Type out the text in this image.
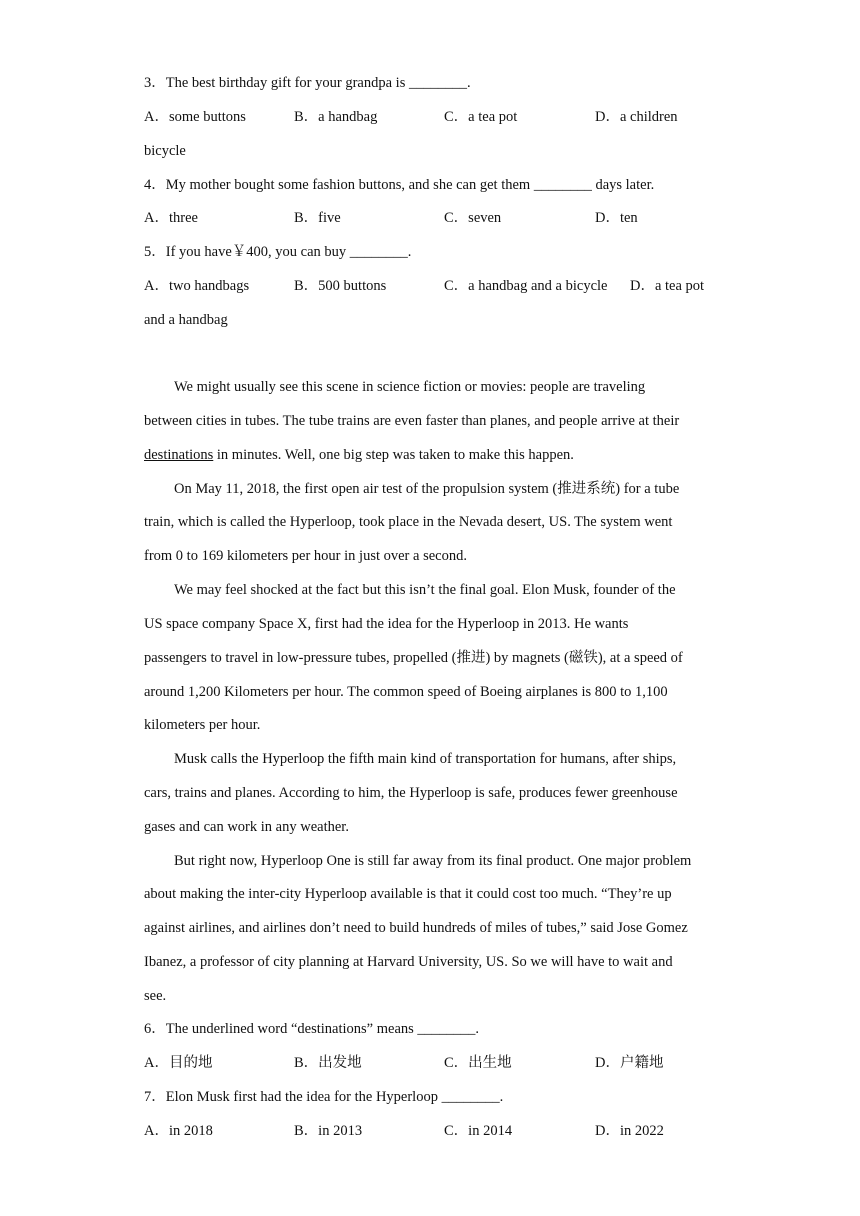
3．The best birthday gift for your grandpa is ________.
A．some buttons	B．a handbag	C．a tea pot	D．a children
bicycle
4．My mother bought some fashion buttons, and she can get them ________ days later.
A．three	B．five	C．seven	D．ten
5．If you have￥400, you can buy ________.
A．two handbags	B．500 buttons	C．a handbag and a bicycle D．a tea pot
and a handbag
We might usually see this scene in science fiction or movies: people are traveling
between cities in tubes. The tube trains are even faster than planes, and people arrive at their
destinations in minutes. Well, one big step was taken to make this happen.
On May 11, 2018, the first open air test of the propulsion system (推进系统) for a tube
train, which is called the Hyperloop, took place in the Nevada desert, US. The system went
from 0 to 169 kilometers per hour in just over a second.
We may feel shocked at the fact but this isn’t the final goal. Elon Musk, founder of the
US space company Space X, first had the idea for the Hyperloop in 2013. He wants
passengers to travel in low-pressure tubes, propelled (推进) by magnets (磁铁), at a speed of
around 1,200 Kilometers per hour. The common speed of Boeing airplanes is 800 to 1,100
kilometers per hour.
Musk calls the Hyperloop the fifth main kind of transportation for humans, after ships,
cars, trains and planes. According to him, the Hyperloop is safe, produces fewer greenhouse
gases and can work in any weather.
But right now, Hyperloop One is still far away from its final product. One major problem
about making the inter-city Hyperloop available is that it could cost too much. “They’re up
against airlines, and airlines don’t need to build hundreds of miles of tubes,” said Jose Gomez
Ibanez, a professor of city planning at Harvard University, US. So we will have to wait and
see.
6．The underlined word “destinations” means ________.
A．目的地	B．出发地	C．出生地	D．户籍地
7．Elon Musk first had the idea for the Hyperloop ________.
A．in 2018	B．in 2013	C．in 2014	D．in 2022
